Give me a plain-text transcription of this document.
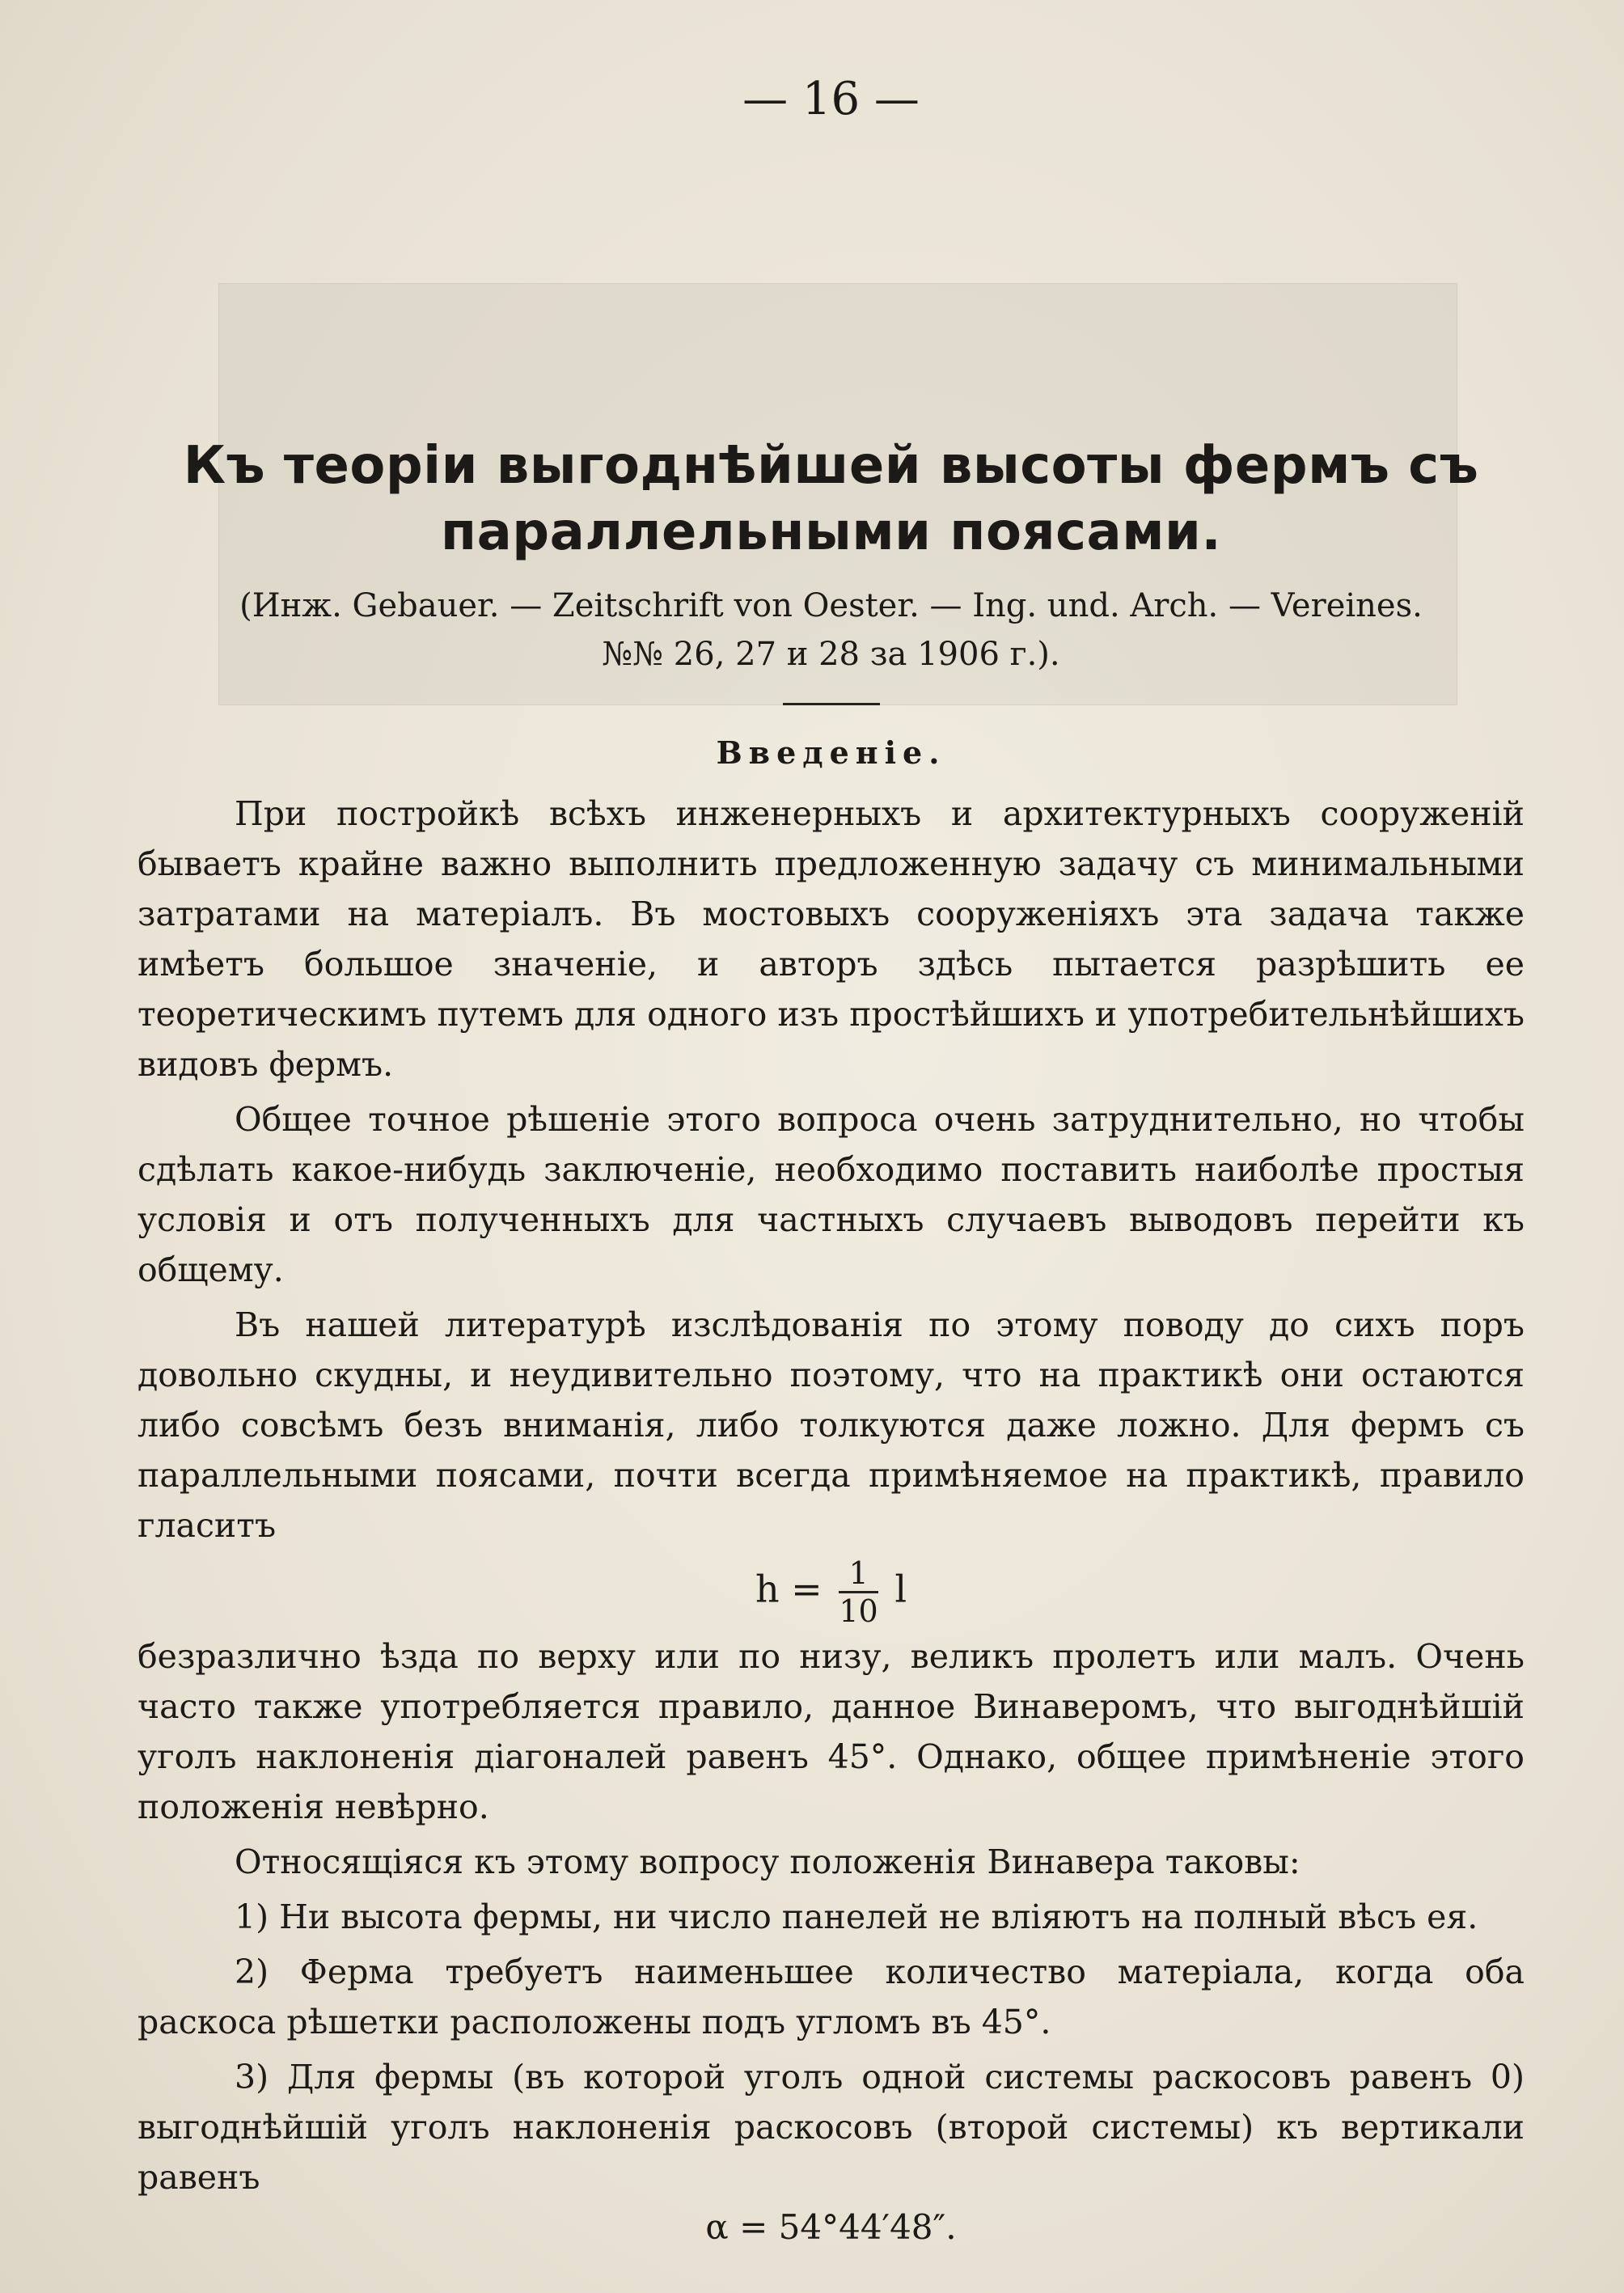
— 16 —
Къ теоріи выгоднѣйшей высоты фермъ съ параллельными поясами.
(Инж. Gebauer. — Zeitschrift von Oester. — Ing. und. Arch. — Vereines.
№№ 26, 27 и 28 за 1906 г.).
Введеніе.

При постройкѣ всѣхъ инженерныхъ и архитектурныхъ сооруженій бываетъ крайне важно выполнить предложенную задачу съ минимальными затратами на матеріалъ. Въ мостовыхъ сооруженіяхъ эта задача также имѣетъ большое значеніе, и авторъ здѣсь пытается разрѣшить ее теоретическимъ путемъ для одного изъ простѣйшихъ и употребительнѣйшихъ видовъ фермъ.

Общее точное рѣшеніе этого вопроса очень затруднительно, но чтобы сдѣлать какое-нибудь заключеніе, необходимо поставить наиболѣе простыя условія и отъ полученныхъ для частныхъ случаевъ выводовъ перейти къ общему.

Въ нашей литературѣ изслѣдованія по этому поводу до сихъ поръ довольно скудны, и неудивительно поэтому, что на практикѣ они остаются либо совсѣмъ безъ вниманія, либо толкуются даже ложно. Для фермъ съ параллельными поясами, почти всегда примѣняемое на практикѣ, правило гласитъ

$h = \frac{1}{10}$ l

безразлично ѣзда по верху или по низу, великъ пролетъ или малъ. Очень часто также употребляется правило, данное Винаверомъ, что выгоднѣйшій уголъ наклоненія діагоналей равенъ 45°. Однако, общее примѣненіе этого положенія невѣрно.

Относящіяся къ этому вопросу положенія Винавера таковы:

1) Ни высота фермы, ни число панелей не вліяютъ на полный вѣсъ ея.

2) Ферма требуетъ наименьшее количество матеріала, когда оба раскоса рѣшетки расположены подъ угломъ въ 45°.

3) Для фермы (въ которой уголъ одной системы раскосовъ равенъ 0) выгоднѣйшій уголъ наклоненія раскосовъ (второй системы) къ вертикали равенъ

α = 54°44′48″.
